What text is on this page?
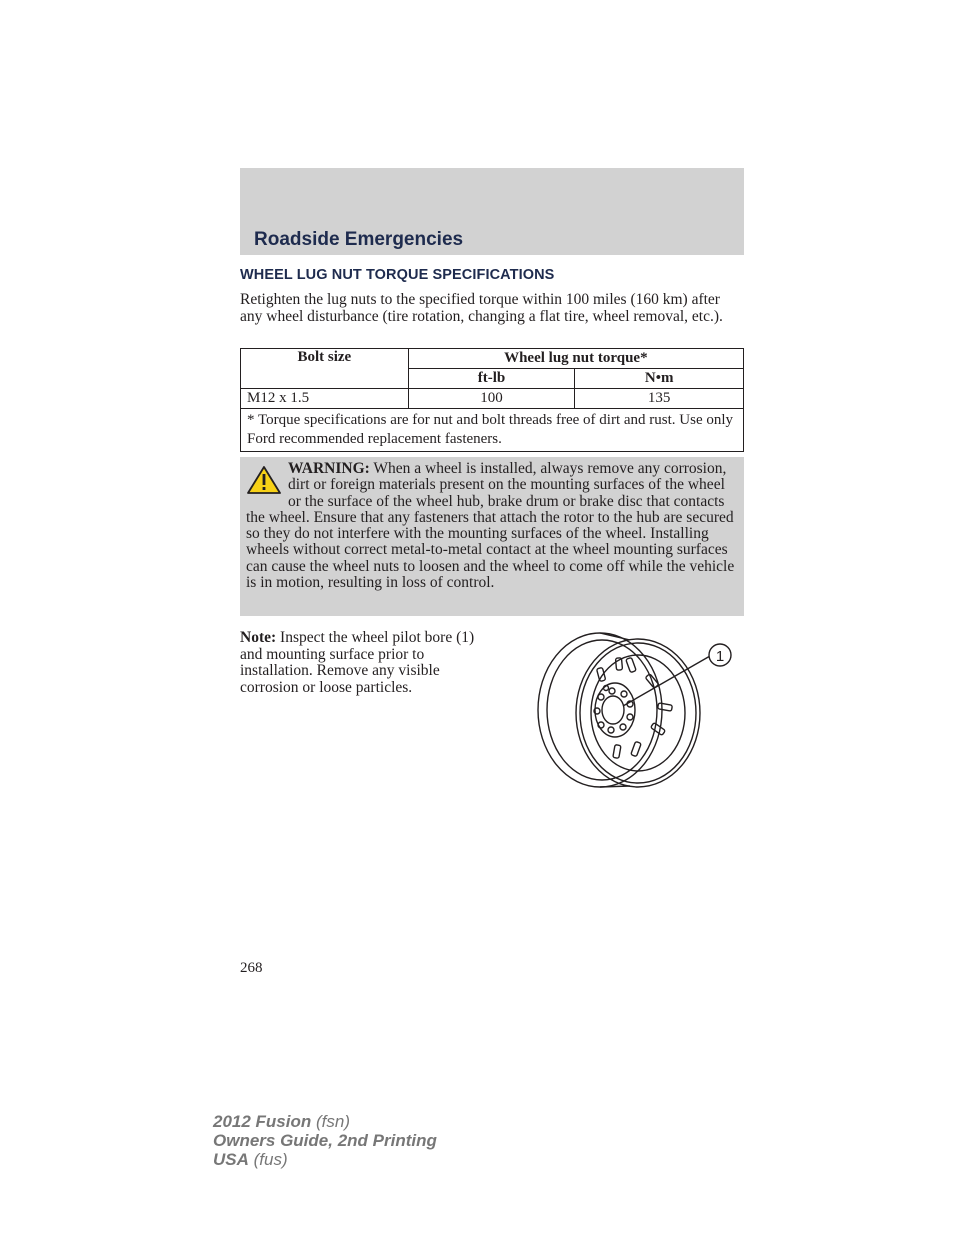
Roadside Emergencies
WHEEL LUG NUT TORQUE SPECIFICATIONS
Retighten the lug nuts to the specified torque within 100 miles (160 km) after any wheel disturbance (tire rotation, changing a flat tire, wheel removal, etc.).
Bolt size	Wheel lug nut torque*	
	ft-lb	N•m
M12 x 1.5	100	135
* Torque specifications are for nut and bolt threads free of dirt and rust. Use only Ford recommended replacement fasteners.		
WARNING: When a wheel is installed, always remove any corrosion, dirt or foreign materials present on the mounting surfaces of the wheel or the surface of the wheel hub, brake drum or brake disc that contacts the wheel. Ensure that any fasteners that attach the rotor to the hub are secured so they do not interfere with the mounting surfaces of the wheel. Installing wheels without correct metal-to-metal contact at the wheel mounting surfaces can cause the wheel nuts to loosen and the wheel to come off while the vehicle is in motion, resulting in loss of control.
Note: Inspect the wheel pilot bore (1) and mounting surface prior to installation. Remove any visible corrosion or loose particles.
1
268
2012 Fusion (fsn)
Owners Guide, 2nd Printing
USA (fus)
